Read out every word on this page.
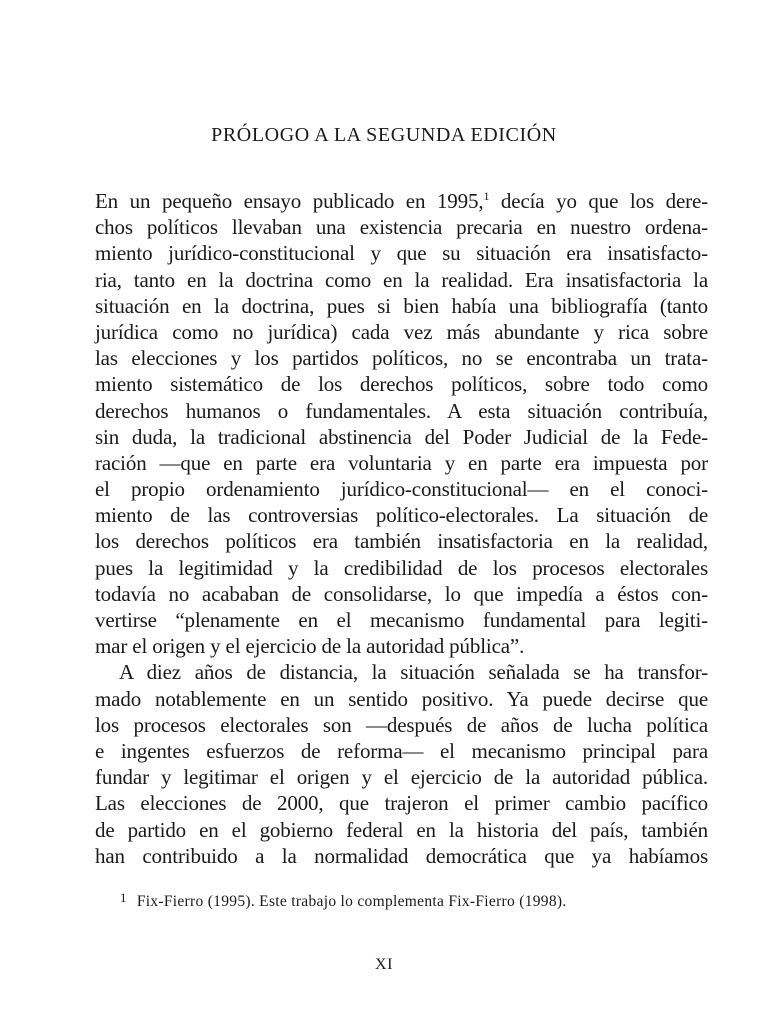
PRÓLOGO A LA SEGUNDA EDICIÓN
En un pequeño ensayo publicado en 1995,$^1$ decía yo que los dere-
chos políticos llevaban una existencia precaria en nuestro ordena-
miento jurídico-constitucional y que su situación era insatisfacto-
ria, tanto en la doctrina como en la realidad. Era insatisfactoria la
situación en la doctrina, pues si bien había una bibliografía (tanto
jurídica como no jurídica) cada vez más abundante y rica sobre
las elecciones y los partidos políticos, no se encontraba un trata-
miento sistemático de los derechos políticos, sobre todo como
derechos humanos o fundamentales. A esta situación contribuía,
sin duda, la tradicional abstinencia del Poder Judicial de la Fede-
ración —que en parte era voluntaria y en parte era impuesta por
el propio ordenamiento jurídico-constitucional— en el conoci-
miento de las controversias político-electorales. La situación de
los derechos políticos era también insatisfactoria en la realidad,
pues la legitimidad y la credibilidad de los procesos electorales
todavía no acababan de consolidarse, lo que impedía a éstos con-
vertirse “plenamente en el mecanismo fundamental para legiti-
mar el origen y el ejercicio de la autoridad pública”.
A diez años de distancia, la situación señalada se ha transfor-
mado notablemente en un sentido positivo. Ya puede decirse que
los procesos electorales son —después de años de lucha política
e ingentes esfuerzos de reforma— el mecanismo principal para
fundar y legitimar el origen y el ejercicio de la autoridad pública.
Las elecciones de 2000, que trajeron el primer cambio pacífico
de partido en el gobierno federal en la historia del país, también
han contribuido a la normalidad democrática que ya habíamos
$^1$ Fix-Fierro (1995). Este trabajo lo complementa Fix-Fierro (1998).
XI
